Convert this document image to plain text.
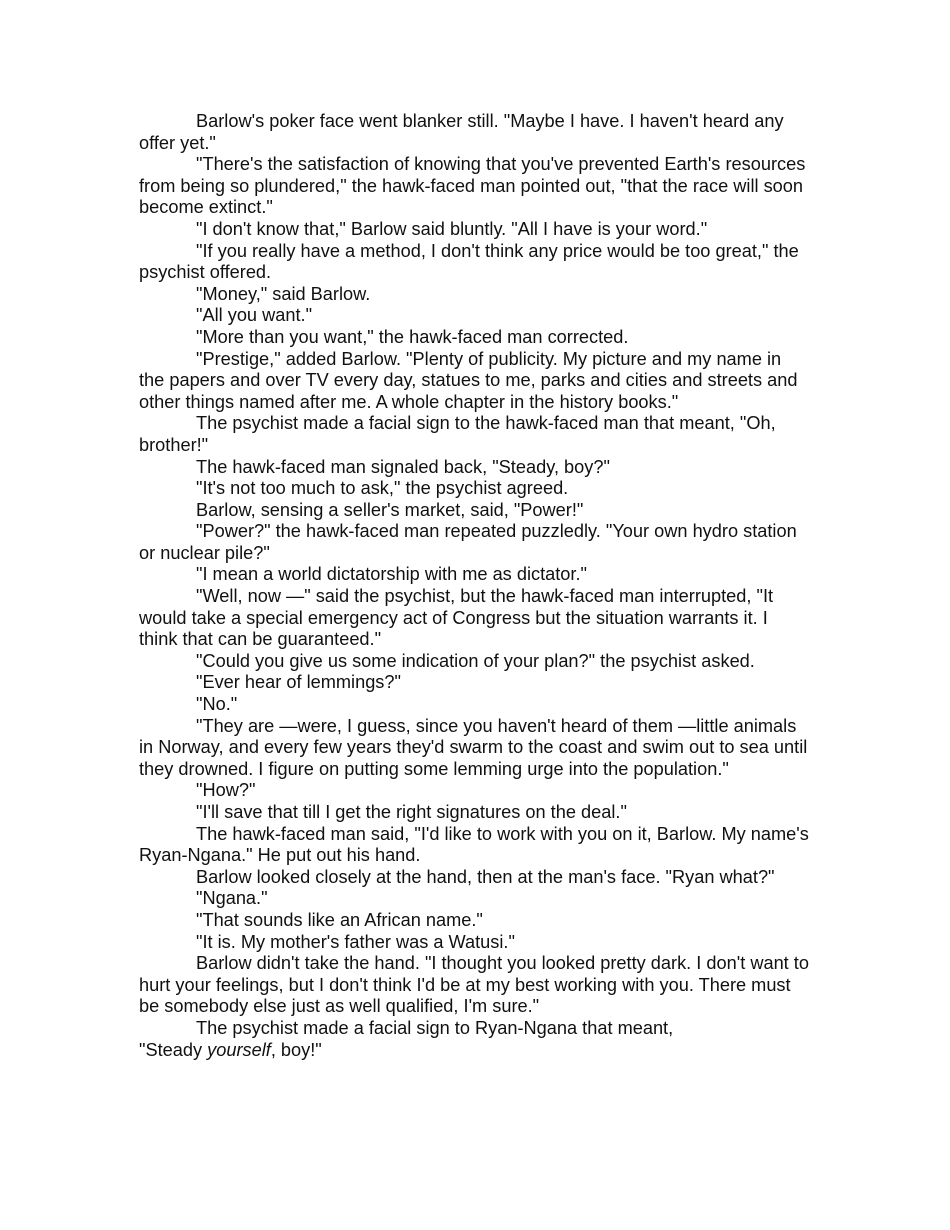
Barlow's poker face went blanker still. "Maybe I have. I haven't heard any offer yet."

"There's the satisfaction of knowing that you've prevented Earth's resources from being so plundered," the hawk-faced man pointed out, "that the race will soon become extinct."

"I don't know that," Barlow said bluntly. "All I have is your word."

"If you really have a method, I don't think any price would be too great," the psychist offered.

"Money," said Barlow.

"All you want."

"More than you want," the hawk-faced man corrected.

"Prestige," added Barlow. "Plenty of publicity. My picture and my name in the papers and over TV every day, statues to me, parks and cities and streets and other things named after me. A whole chapter in the history books."

The psychist made a facial sign to the hawk-faced man that meant, "Oh, brother!"

The hawk-faced man signaled back, "Steady, boy?"

"It's not too much to ask," the psychist agreed.

Barlow, sensing a seller's market, said, "Power!"

"Power?" the hawk-faced man repeated puzzledly. "Your own hydro station or nuclear pile?"

"I mean a world dictatorship with me as dictator."

"Well, now —" said the psychist, but the hawk-faced man interrupted, "It would take a special emergency act of Congress but the situation warrants it. I think that can be guaranteed."

"Could you give us some indication of your plan?" the psychist asked.

"Ever hear of lemmings?"

"No."

"They are —were, I guess, since you haven't heard of them —little animals in Norway, and every few years they'd swarm to the coast and swim out to sea until they drowned. I figure on putting some lemming urge into the population."

"How?"

"I'll save that till I get the right signatures on the deal."

The hawk-faced man said, "I'd like to work with you on it, Barlow. My name's Ryan-Ngana." He put out his hand.

Barlow looked closely at the hand, then at the man's face. "Ryan what?"

"Ngana."

"That sounds like an African name."

"It is. My mother's father was a Watusi."

Barlow didn't take the hand. "I thought you looked pretty dark. I don't want to hurt your feelings, but I don't think I'd be at my best working with you. There must be somebody else just as well qualified, I'm sure."

The psychist made a facial sign to Ryan-Ngana that meant,

"Steady yourself, boy!"
